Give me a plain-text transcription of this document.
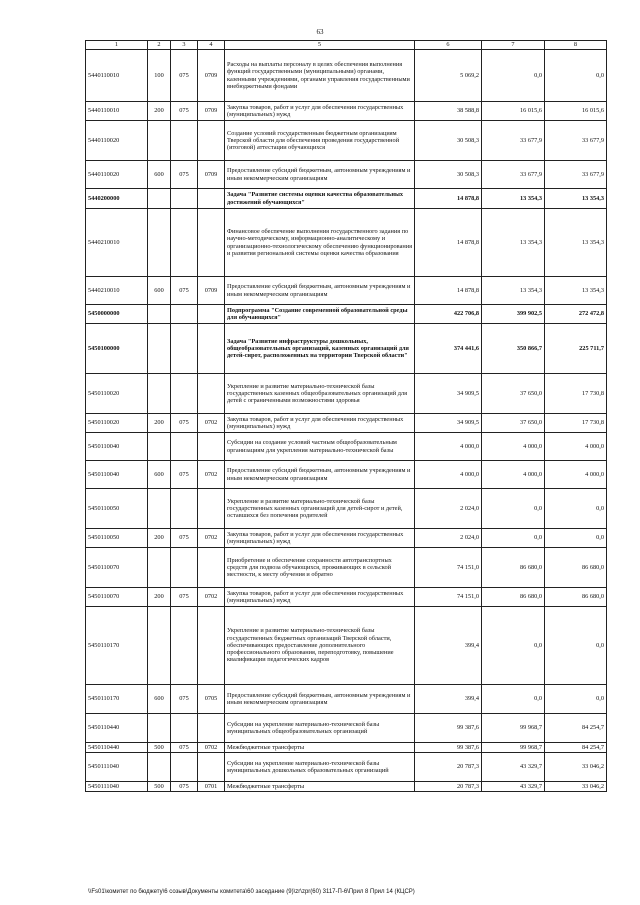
63
1	2	3	4	5	6	7	8
5440110010	100	075	0709	Расходы на выплаты персоналу в целях обеспечения выполнения функций государственными (муниципальными) органами, казенными учреждениями, органами управления государственными внебюджетными фондами	5 069,2	0,0	0,0
5440110010	200	075	0709	Закупка товаров, работ и услуг для обеспечения государственных (муниципальных) нужд	38 588,8	16 015,6	16 015,6
5440110020				Создание условий государственным бюджетным организациям Тверской области для обеспечения проведения государственной (итоговой) аттестации обучающихся	30 508,3	33 677,9	33 677,9
5440110020	600	075	0709	Предоставление субсидий бюджетным, автономным учреждениям и иным некоммерческим организациям	30 508,3	33 677,9	33 677,9
5440200000				Задача "Развитие системы оценки качества образовательных достижений обучающихся"	14 878,8	13 354,3	13 354,3
5440210010				Финансовое обеспечение выполнения государственного задания по научно-методическому, информационно-аналитическому и организационно-технологическому обеспечению функционирования и развития региональной системы оценки качества образования	14 878,8	13 354,3	13 354,3
5440210010	600	075	0709	Предоставление субсидий бюджетным, автономным учреждениям и иным некоммерческим организациям	14 878,8	13 354,3	13 354,3
5450000000				Подпрограмма "Создание современной образовательной среды для обучающихся"	422 706,8	399 902,5	272 472,8
5450100000				Задача "Развитие инфраструктуры дошкольных, общеобразовательных организаций, казенных организаций для детей-сирот, расположенных на территории Тверской области"	374 441,6	350 866,7	225 711,7
5450110020				Укрепление и развитие материально-технической базы государственных казенных общеобразовательных организаций для детей с ограниченными возможностями здоровья	34 909,5	37 650,0	17 730,8
5450110020	200	075	0702	Закупка товаров, работ и услуг для обеспечения государственных (муниципальных) нужд	34 909,5	37 650,0	17 730,8
5450110040				Субсидии на создание условий частным общеобразовательным организациям для укрепления материально-технической базы	4 000,0	4 000,0	4 000,0
5450110040	600	075	0702	Предоставление субсидий бюджетным, автономным учреждениям и иным некоммерческим организациям	4 000,0	4 000,0	4 000,0
5450110050				Укрепление и развитие материально-технической базы государственных казенных организаций для детей-сирот и детей, оставшихся без попечения родителей	2 024,0	0,0	0,0
5450110050	200	075	0702	Закупка товаров, работ и услуг для обеспечения государственных (муниципальных) нужд	2 024,0	0,0	0,0
5450110070				Приобретение и обеспечение сохранности автотранспортных средств для подвоза обучающихся, проживающих в сельской местности, к месту обучения и обратно	74 151,0	86 680,0	86 680,0
5450110070	200	075	0702	Закупка товаров, работ и услуг для обеспечения государственных (муниципальных) нужд	74 151,0	86 680,0	86 680,0
5450110170				Укрепление и развитие материально-технической базы государственных бюджетных организаций Тверской области, обеспечивающих предоставление дополнительного профессионального образования, переподготовку, повышение квалификации педагогических кадров	399,4	0,0	0,0
5450110170	600	075	0705	Предоставление субсидий бюджетным, автономным учреждениям и иным некоммерческим организациям	399,4	0,0	0,0
5450110440				Субсидии на укрепление материально-технической базы муниципальных общеобразовательных организаций	99 387,6	99 968,7	84 254,7
5450110440	500	075	0702	Межбюджетные трансферты	99 387,6	99 968,7	84 254,7
5450111040				Субсидии на укрепление материально-технической базы муниципальных дошкольных образовательных организаций	20 787,3	43 329,7	33 046,2
5450111040	500	075	0701	Межбюджетные трансферты	20 787,3	43 329,7	33 046,2
\\Fs01\комитет по бюджету\6 созыв\Документы комитета\60 заседание (9)\zr\zpr(60) 3117-П-6\Прил 8 Прил 14 (КЦСР)
